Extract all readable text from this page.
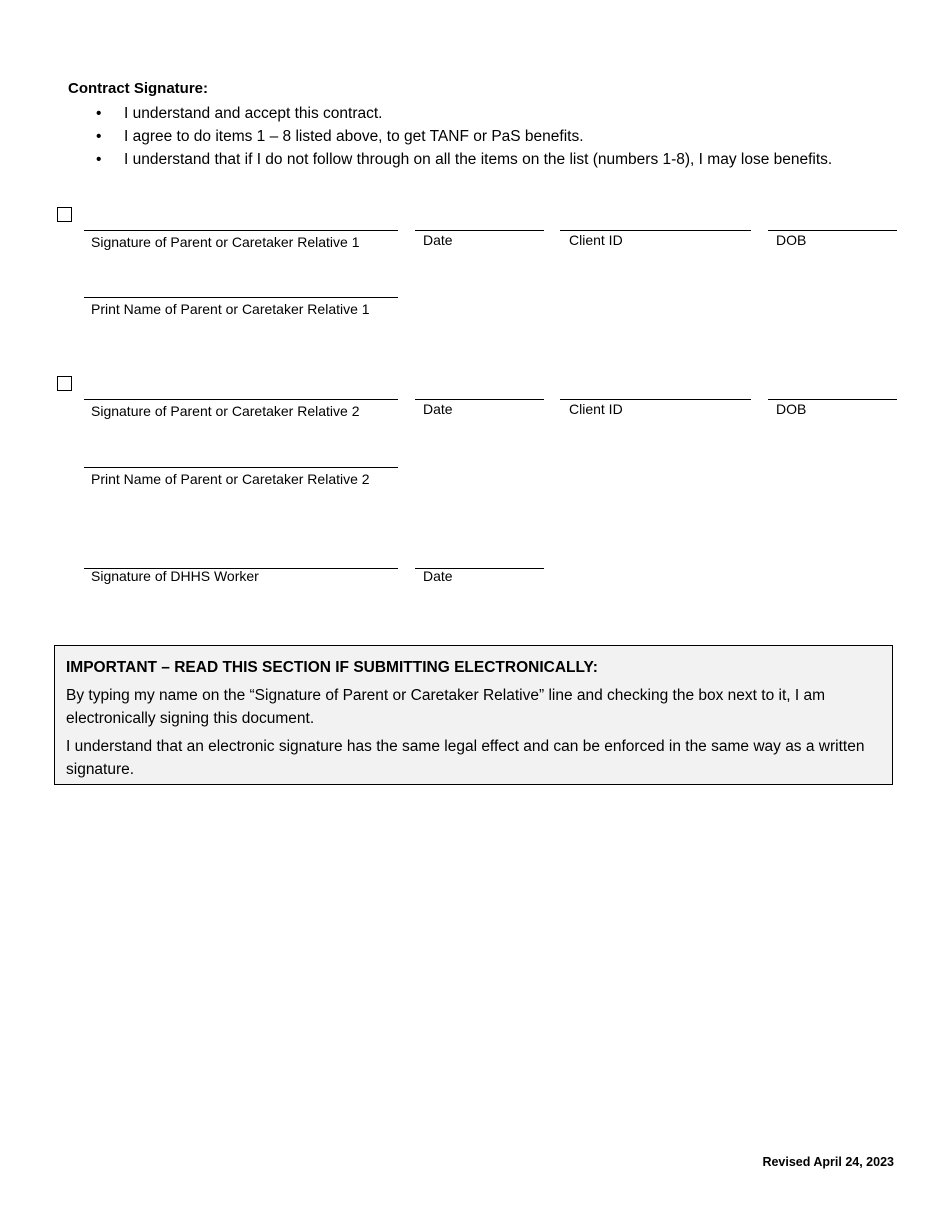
Contract Signature:
• I understand and accept this contract.
• I agree to do items 1 – 8 listed above, to get TANF or PaS benefits.
• I understand that if I do not follow through on all the items on the list (numbers 1-8), I may lose benefits.
Signature of Parent or Caretaker Relative 1	Date	Client ID	DOB
Print Name of Parent or Caretaker Relative 1
Signature of Parent or Caretaker Relative 2	Date	Client ID	DOB
Print Name of Parent or Caretaker Relative 2
Signature of DHHS Worker	Date
IMPORTANT – READ THIS SECTION IF SUBMITTING ELECTRONICALLY:

By typing my name on the “Signature of Parent or Caretaker Relative” line and checking the box next to it, I am electronically signing this document.

I understand that an electronic signature has the same legal effect and can be enforced in the same way as a written signature.

Revised April 24, 2023
